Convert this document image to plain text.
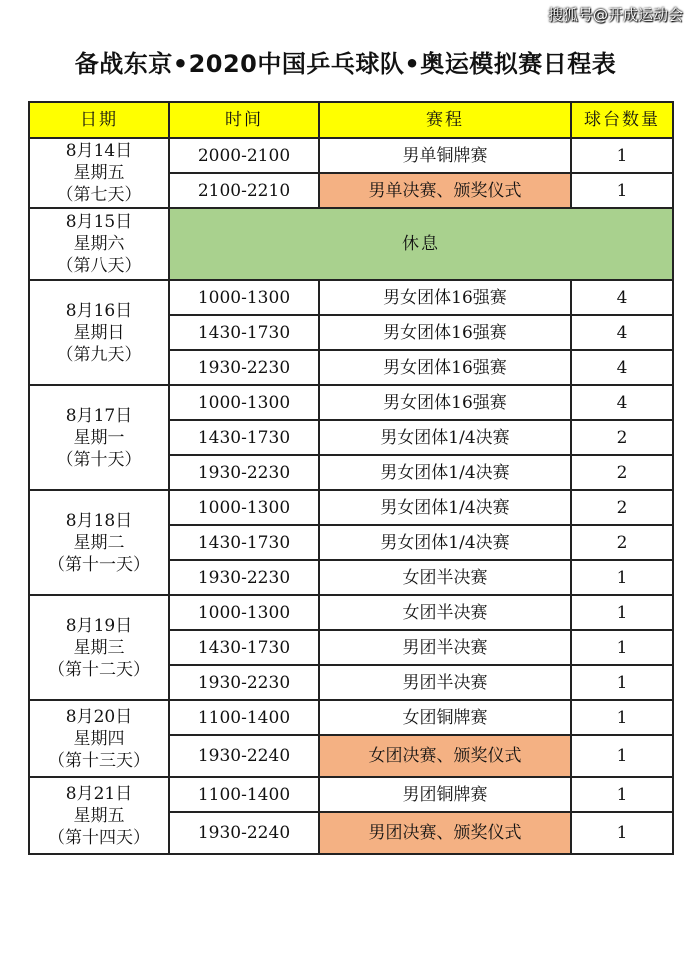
搜狐号@开成运动会
备战东京•2020中国乒乓球队•奥运模拟赛日程表
日期	时间	赛程	球台数量

8月14日
星期五
（第七天）	2000-2100	男单铜牌赛	1
	2100-2210	男单决赛、颁奖仪式	1

8月15日
星期六
（第八天）	休息		

8月16日
星期日
（第九天）	1000-1300	男女团体16强赛	4
	1430-1730	男女团体16强赛	4
	1930-2230	男女团体16强赛	4

8月17日
星期一
（第十天）	1000-1300	男女团体16强赛	4
	1430-1730	男女团体1/4决赛	2
	1930-2230	男女团体1/4决赛	2

8月18日
星期二
（第十一天）	1000-1300	男女团体1/4决赛	2
	1430-1730	男女团体1/4决赛	2
	1930-2230	女团半决赛	1

8月19日
星期三
（第十二天）	1000-1300	女团半决赛	1
	1430-1730	男团半决赛	1
	1930-2230	男团半决赛	1

8月20日
星期四
（第十三天）	1100-1400	女团铜牌赛	1
	1930-2240	女团决赛、颁奖仪式	1

8月21日
星期五
（第十四天）	1100-1400	男团铜牌赛	1
	1930-2240	男团决赛、颁奖仪式	1
